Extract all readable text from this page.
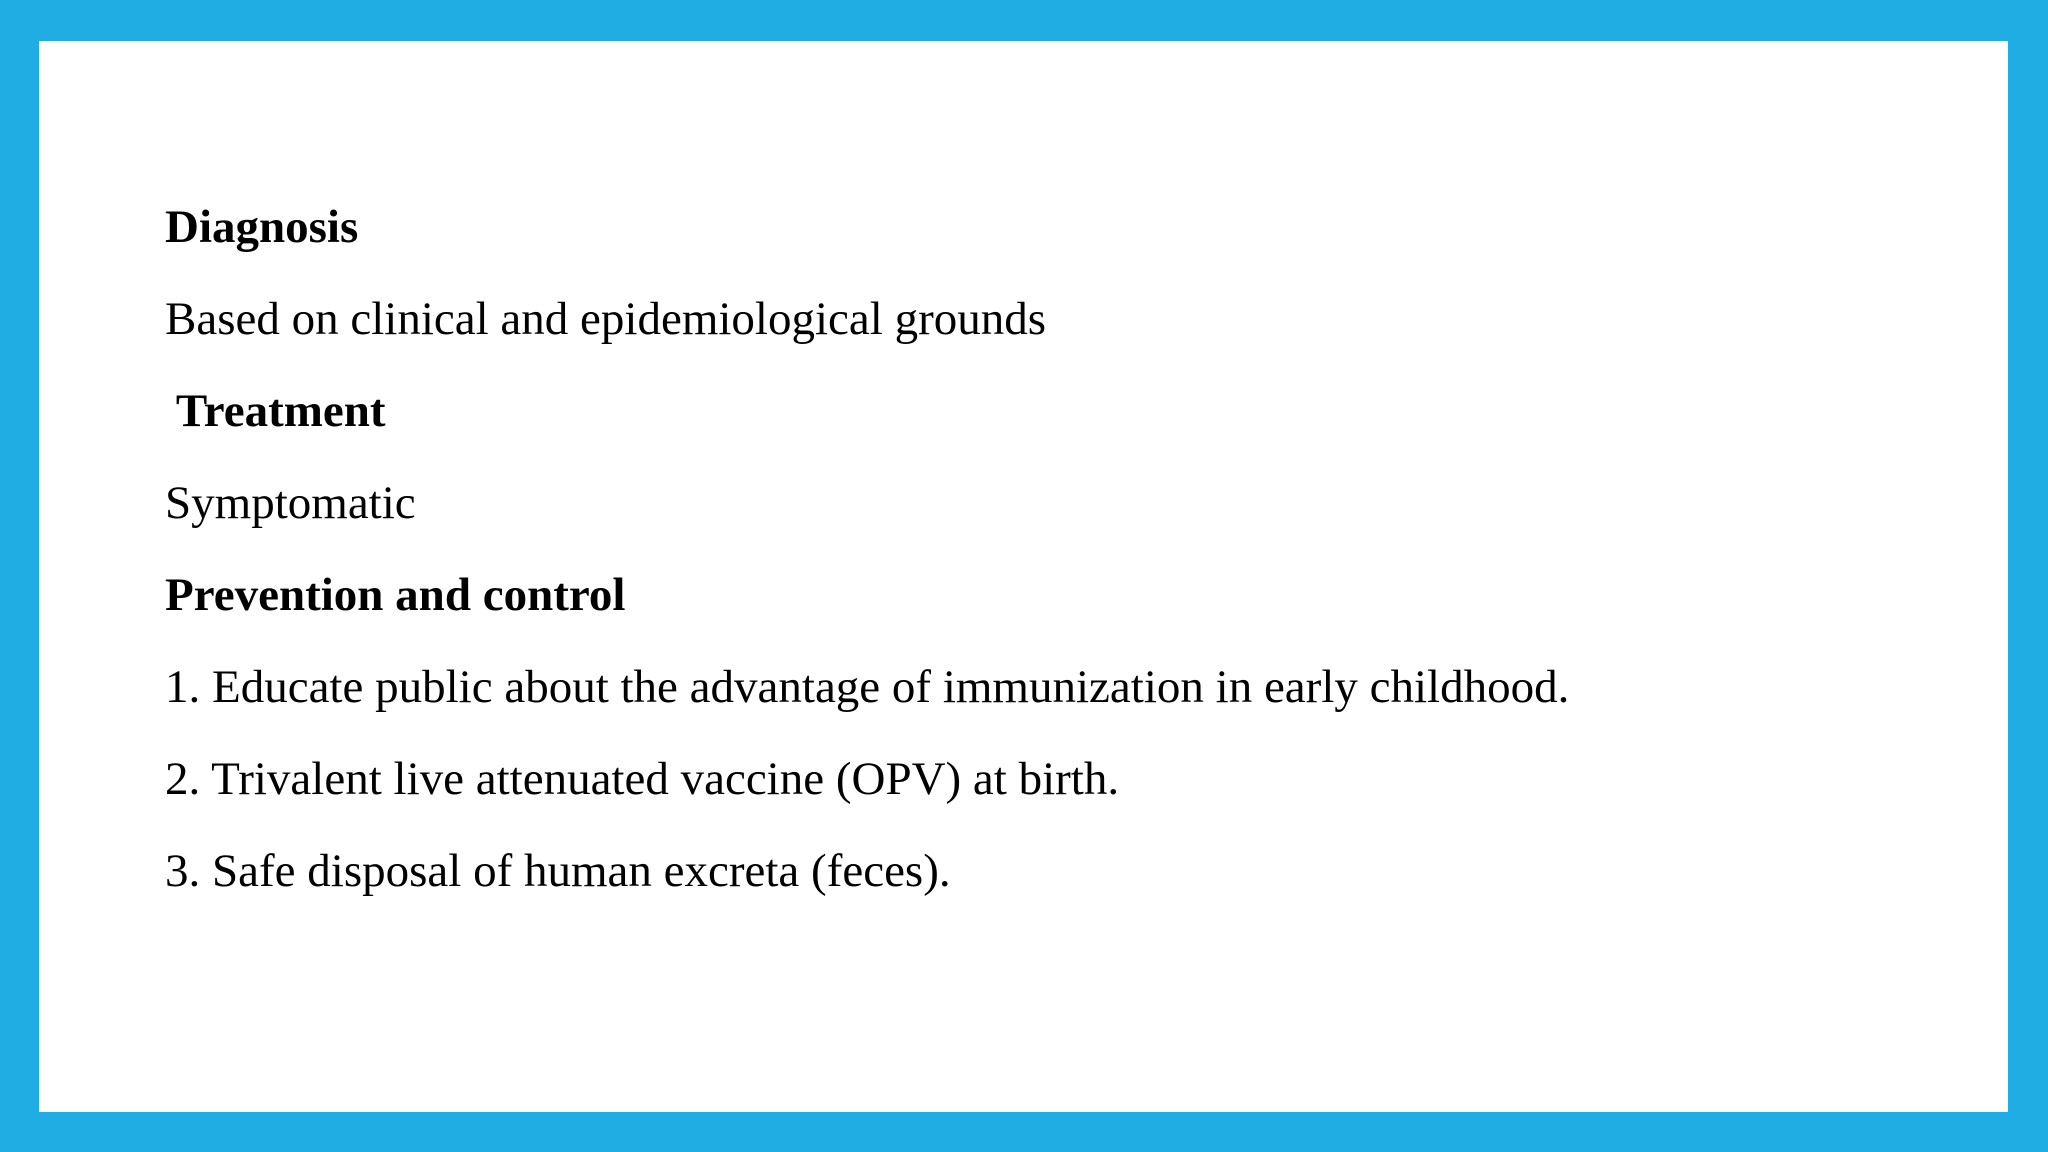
Diagnosis
Based on clinical and epidemiological grounds
Treatment
Symptomatic
Prevention and control
1. Educate public about the advantage of immunization in early childhood.
2. Trivalent live attenuated vaccine (OPV) at birth.
3. Safe disposal of human excreta (feces).
